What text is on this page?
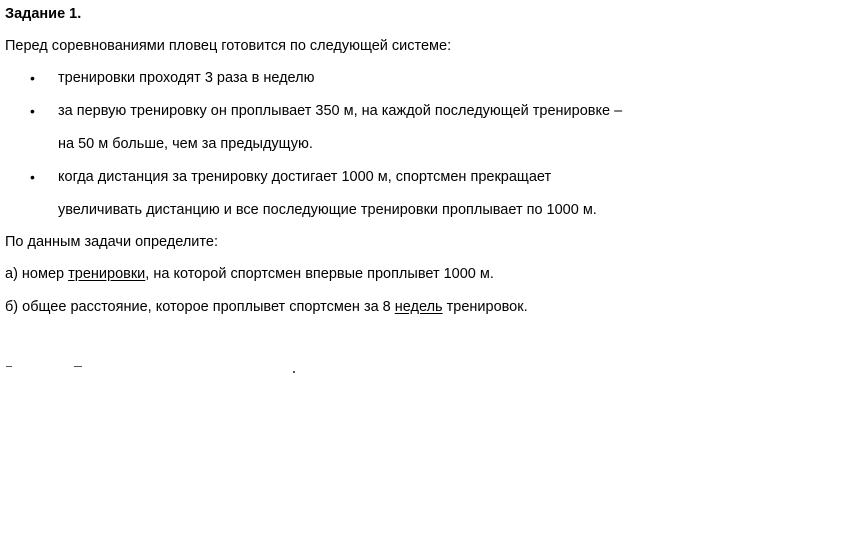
Задание 1.
Перед соревнованиями пловец готовится по следующей системе:
•
тренировки проходят 3 раза в неделю
•
за первую тренировку он проплывает 350 м, на каждой последующей тренировке –
на 50 м больше, чем за предыдущую.
•
когда дистанция за тренировку достигает 1000 м, спортсмен прекращает
увеличивать дистанцию и все последующие тренировки проплывает по 1000 м.
По данным задачи определите:
а) номер тренировки, на которой спортсмен впервые проплывет 1000 м.
б) общее расстояние, которое проплывет спортсмен за 8 недель тренировок.
